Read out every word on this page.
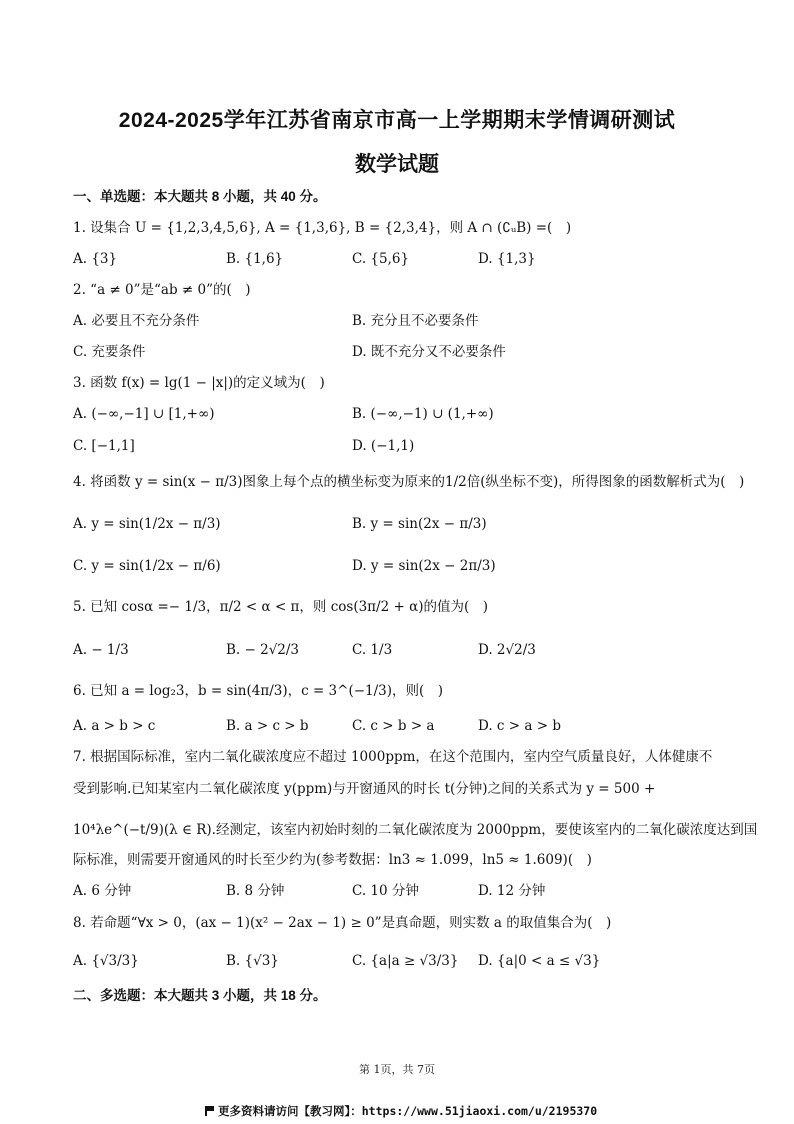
2024-2025学年江苏省南京市高一上学期期末学情调研测试
数学试题
一、单选题：本大题共 8 小题，共 40 分。
1. 设集合 U = {1,2,3,4,5,6}, A = {1,3,6}, B = {2,3,4}，则 A ∩ (∁ᵤB) =(　)
A. {3}	B. {1,6}	C. {5,6}	D. {1,3}
2. “a ≠ 0”是“ab ≠ 0”的(　)
A. 必要且不充分条件	B. 充分且不必要条件
C. 充要条件	D. 既不充分又不必要条件
3. 函数 f(x) = lg(1 − |x|)的定义域为(　)
A. (−∞,−1] ∪ [1,+∞)	B. (−∞,−1) ∪ (1,+∞)
C. [−1,1]	D. (−1,1)
4. 将函数 y = sin(x − π/3)图象上每个点的横坐标变为原来的1/2倍(纵坐标不变)，所得图象的函数解析式为(　)
A. y = sin(1/2x − π/3)	B. y = sin(2x − π/3)
C. y = sin(1/2x − π/6)	D. y = sin(2x − 2π/3)
5. 已知 cosα =− 1/3，π/2 < α < π，则 cos(3π/2 + α)的值为(　)
A. − 1/3	B. − 2√2/3	C. 1/3	D. 2√2/3
6. 已知 a = log₂3，b = sin(4π/3)，c = 3^(−1/3)，则(　)
A. a > b > c	B. a > c > b	C. c > b > a	D. c > a > b
7. 根据国际标准，室内二氧化碳浓度应不超过 1000ppm，在这个范围内，室内空气质量良好，人体健康不
受到影响.已知某室内二氧化碳浓度 y(ppm)与开窗通风的时长 t(分钟)之间的关系式为 y = 500 +
10⁴λe^(−t/9)(λ ∈ R).经测定，该室内初始时刻的二氧化碳浓度为 2000ppm，要使该室内的二氧化碳浓度达到国
际标准，则需要开窗通风的时长至少约为(参考数据：ln3 ≈ 1.099，ln5 ≈ 1.609)(　)
A. 6 分钟	B. 8 分钟	C. 10 分钟	D. 12 分钟
8. 若命题“∀x > 0，(ax − 1)(x² − 2ax − 1) ≥ 0”是真命题，则实数 a 的取值集合为(　)
A. {√3/3}	B. {√3}	C. {a|a ≥ √3/3} D. {a|0 < a ≤ √3}
二、多选题：本大题共 3 小题，共 18 分。
第 1页，共 7页
更多资料请访问【教习网】：https://www.51jiaoxi.com/u/2195370
